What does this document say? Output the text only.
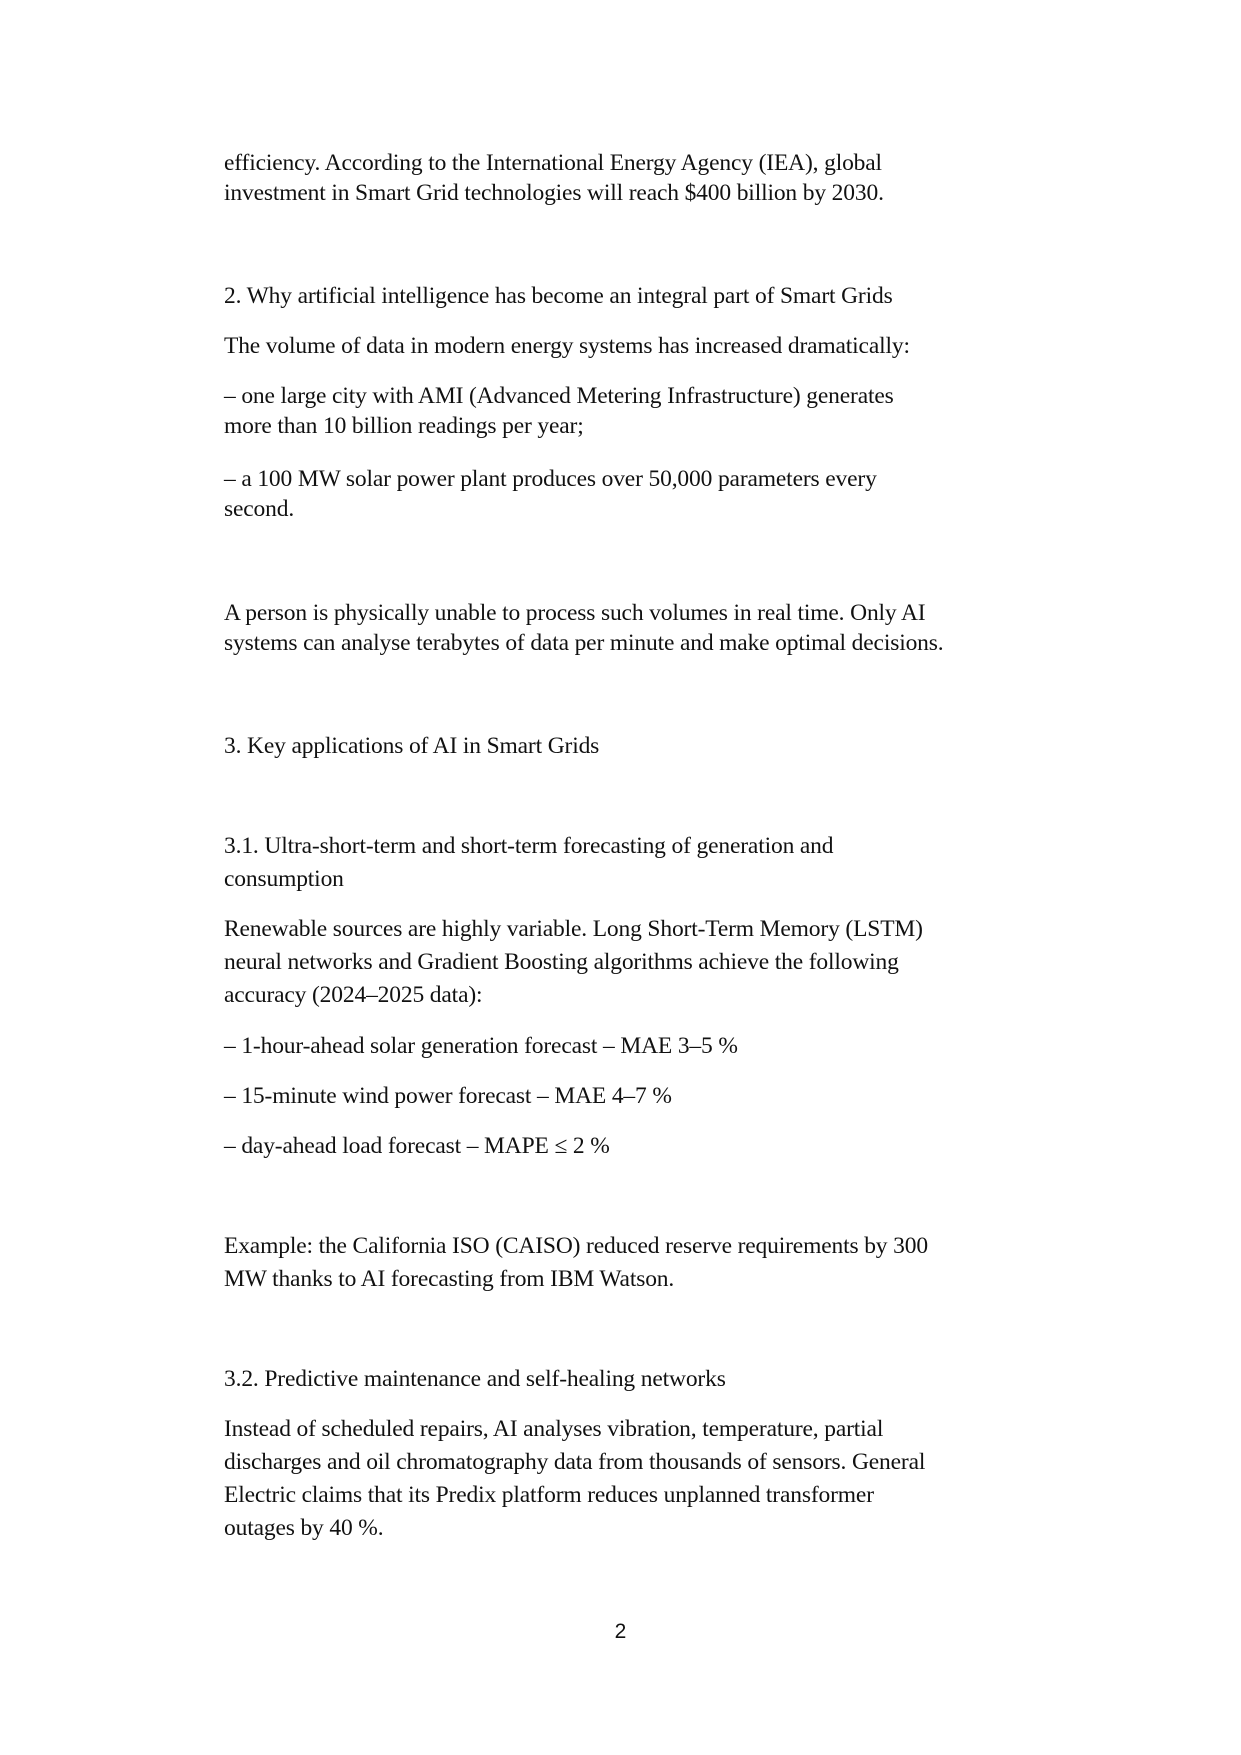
efficiency. According to the International Energy Agency (IEA), global
investment in Smart Grid technologies will reach $400 billion by 2030.
2. Why artificial intelligence has become an integral part of Smart Grids
The volume of data in modern energy systems has increased dramatically:
– one large city with AMI (Advanced Metering Infrastructure) generates
more than 10 billion readings per year;
– a 100 MW solar power plant produces over 50,000 parameters every
second.
A person is physically unable to process such volumes in real time. Only AI
systems can analyse terabytes of data per minute and make optimal decisions.
3. Key applications of AI in Smart Grids
3.1. Ultra-short-term and short-term forecasting of generation and
consumption
Renewable sources are highly variable. Long Short-Term Memory (LSTM)
neural networks and Gradient Boosting algorithms achieve the following
accuracy (2024–2025 data):
– 1-hour-ahead solar generation forecast – MAE 3–5 %
– 15-minute wind power forecast – MAE 4–7 %
– day-ahead load forecast – MAPE ≤ 2 %
Example: the California ISO (CAISO) reduced reserve requirements by 300
MW thanks to AI forecasting from IBM Watson.
3.2. Predictive maintenance and self-healing networks
Instead of scheduled repairs, AI analyses vibration, temperature, partial
discharges and oil chromatography data from thousands of sensors. General
Electric claims that its Predix platform reduces unplanned transformer
outages by 40 %.
2
